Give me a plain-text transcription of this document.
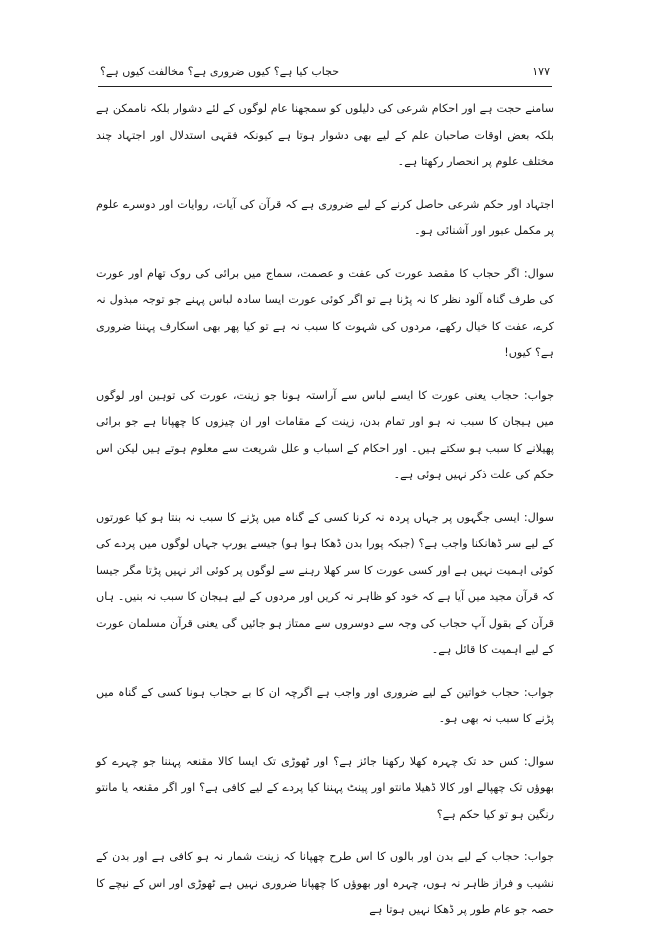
۱۷۷
حجاب کیا ہے؟ کیوں ضروری ہے؟ مخالفت کیوں ہے؟

سامنے حجت ہے اور احکام شرعی کی دلیلوں کو سمجھنا عام لوگوں کے لئے دشوار بلکہ ناممکن ہے بلکہ بعض اوقات صاحبان علم کے لیے بھی دشوار ہوتا ہے کیونکہ فقہی استدلال اور اجتہاد چند مختلف علوم پر انحصار رکھتا ہے۔

اجتہاد اور حکم شرعی حاصل کرنے کے لیے ضروری ہے کہ قرآن کی آیات، روایات اور دوسرے علوم پر مکمل عبور اور آشنائی ہو۔

سوال: اگر حجاب کا مقصد عورت کی عفت و عصمت، سماج میں برائی کی روک تھام اور عورت کی طرف گناہ آلود نظر کا نہ پڑنا ہے تو اگر کوئی عورت ایسا سادہ لباس پہنے جو توجہ مبذول نہ کرے، عفت کا خیال رکھے، مردوں کی شہوت کا سبب نہ ہے تو کیا پھر بھی اسکارف پہننا ضروری ہے؟ کیوں!

جواب: حجاب یعنی عورت کا ایسے لباس سے آراستہ ہونا جو زینت، عورت کی توہین اور لوگوں میں ہیجان کا سبب نہ ہو اور تمام بدن، زینت کے مقامات اور ان چیزوں کا چھپانا ہے جو برائی پھیلانے کا سبب ہو سکتے ہیں۔ اور احکام کے اسباب و علل شریعت سے معلوم ہوتے ہیں لیکن اس حکم کی علت ذکر نہیں ہوئی ہے۔

سوال: ایسی جگہوں پر جہاں پردہ نہ کرنا کسی کے گناہ میں پڑنے کا سبب نہ بنتا ہو کیا عورتوں کے لیے سر ڈھانکنا واجب ہے؟ (جبکہ پورا بدن ڈھکا ہوا ہو) جیسے یورپ جہاں لوگوں میں پردے کی کوئی اہمیت نہیں ہے اور کسی عورت کا سر کھلا رہنے سے لوگوں پر کوئی اثر نہیں پڑتا مگر جیسا کہ قرآن مجید میں آیا ہے کہ خود کو ظاہر نہ کریں اور مردوں کے لیے ہیجان کا سبب نہ بنیں۔ ہاں قرآن کے بقول آپ حجاب کی وجہ سے دوسروں سے ممتاز ہو جائیں گی یعنی قرآن مسلمان عورت کے لیے اہمیت کا قائل ہے۔

جواب: حجاب خواتین کے لیے ضروری اور واجب ہے اگرچہ ان کا بے حجاب ہونا کسی کے گناہ میں پڑنے کا سبب نہ بھی ہو۔

سوال: کس حد تک چہرہ کھلا رکھنا جائز ہے؟ اور ٹھوڑی تک ایسا کالا مقنعہ پہننا جو چہرے کو بھوؤں تک چھپالے اور کالا ڈھیلا مانتو اور پینٹ پہننا کیا پردے کے لیے کافی ہے؟ اور اگر مقنعہ یا مانتو رنگین ہو تو کیا حکم ہے؟

جواب: حجاب کے لیے بدن اور بالوں کا اس طرح چھپانا کہ زینت شمار نہ ہو کافی ہے اور بدن کے نشیب و فراز ظاہر نہ ہوں، چہرہ اور بھوؤں کا چھپانا ضروری نہیں ہے ٹھوڑی اور اس کے نیچے کا حصہ جو عام طور پر ڈھکا نہیں ہوتا ہے
